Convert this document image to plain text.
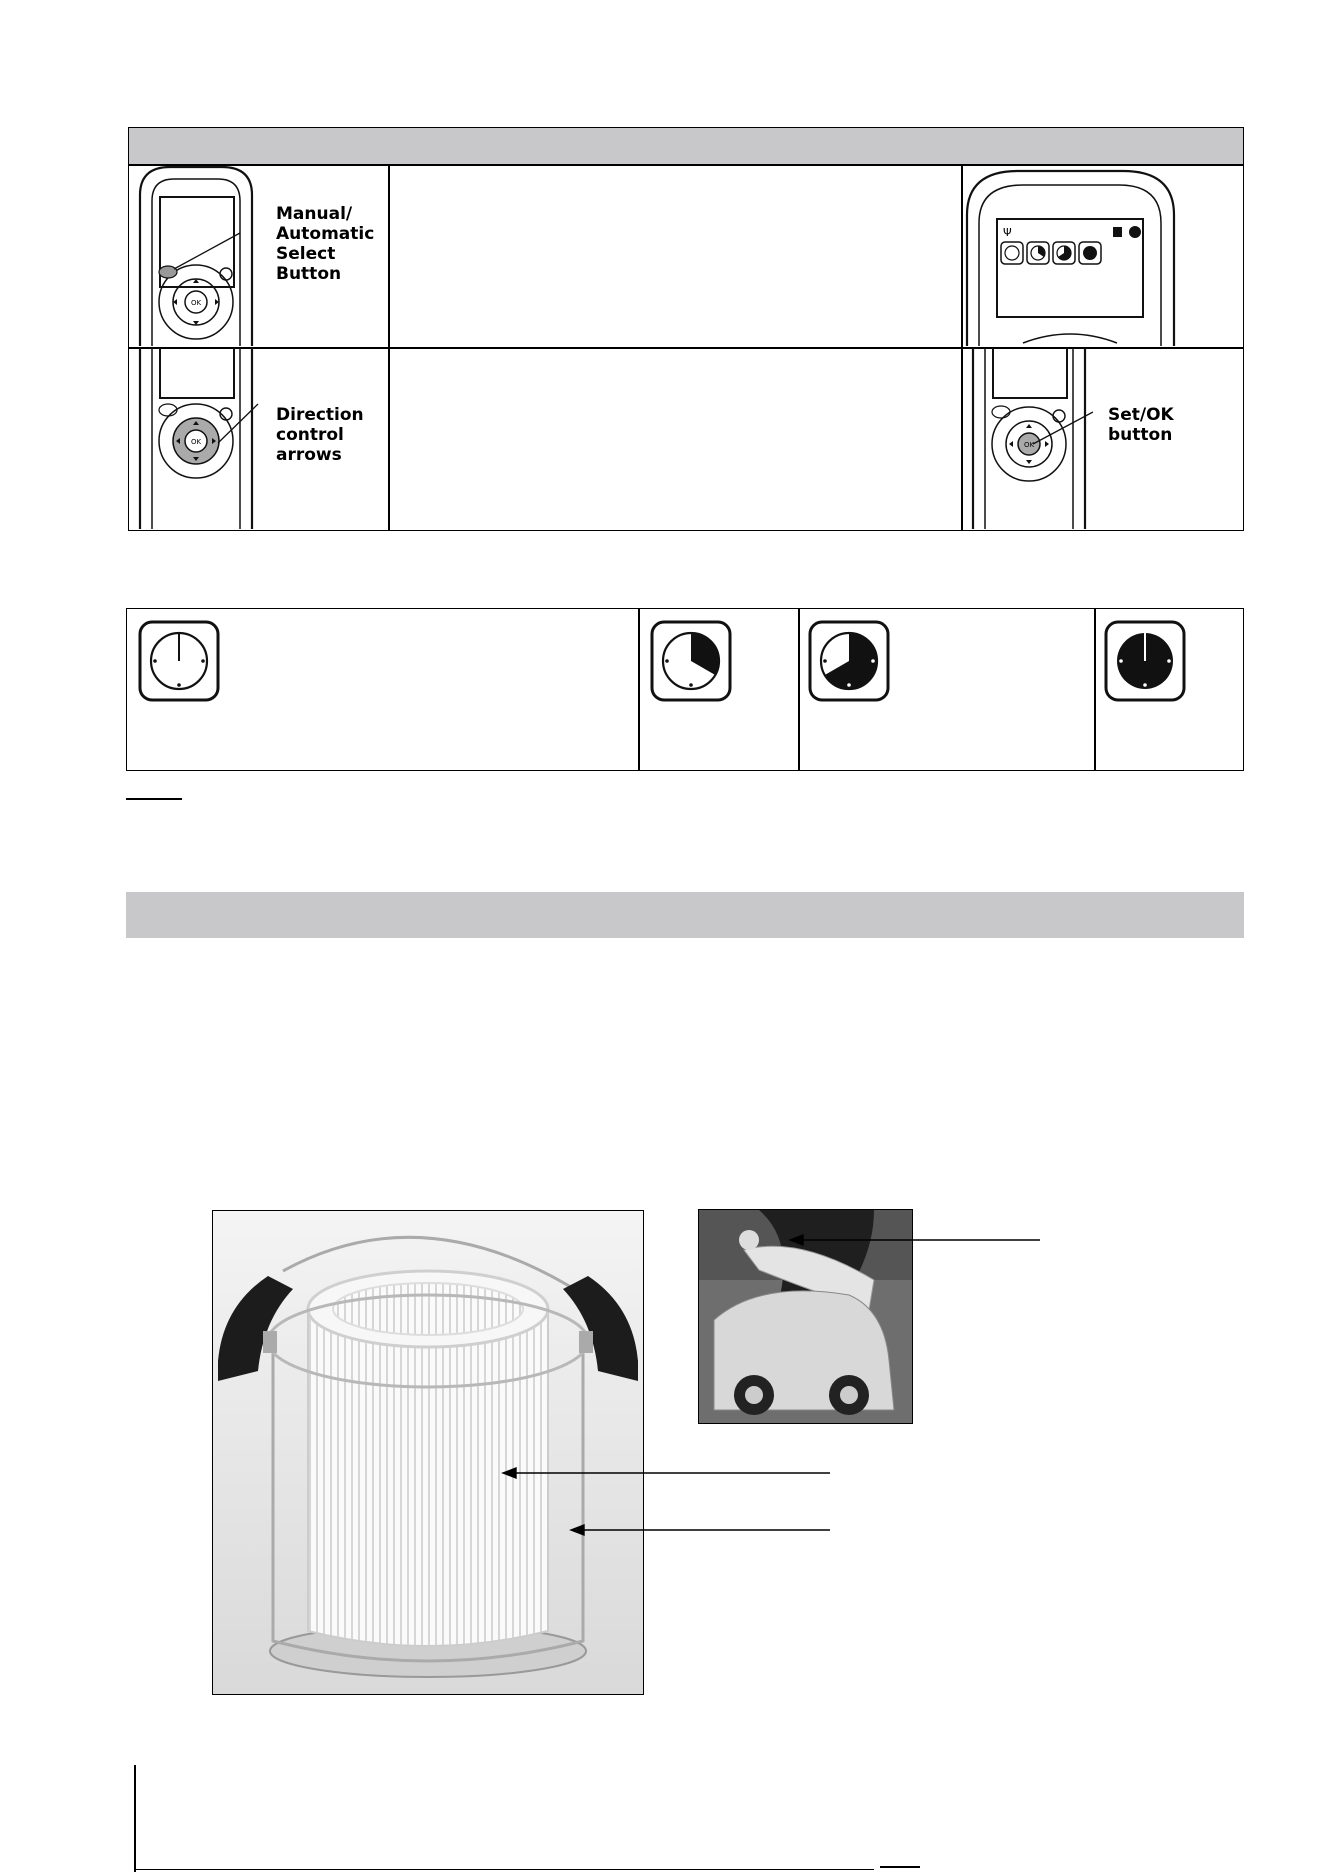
OK
Manual/
Automatic
Select
Button
Ψ
OK
Direction
control
arrows	OK
Set/OK
button
